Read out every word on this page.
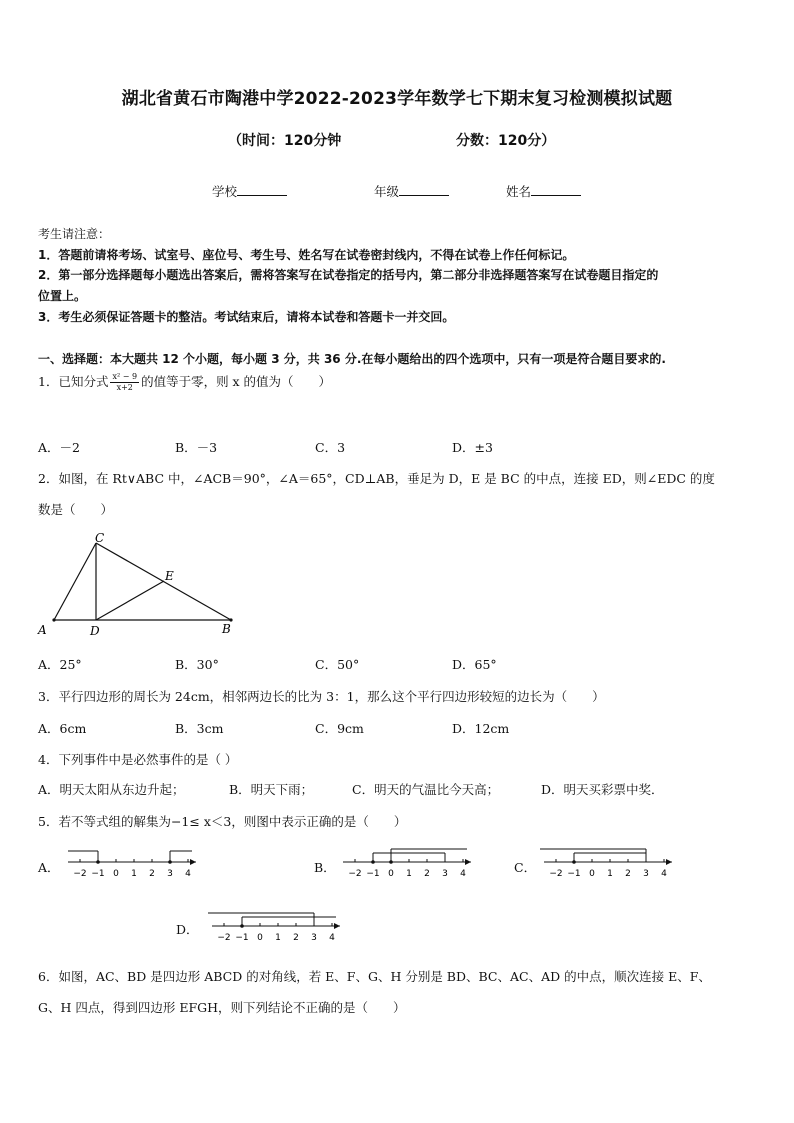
湖北省黄石市陶港中学2022-2023学年数学七下期末复习检测模拟试题
（时间：120分钟	分数：120分）
学校	年级	姓名
考生请注意：
1．答题前请将考场、试室号、座位号、考生号、姓名写在试卷密封线内，不得在试卷上作任何标记。
2．第一部分选择题每小题选出答案后，需将答案写在试卷指定的括号内，第二部分非选择题答案写在试卷题目指定的
位置上。
3．考生必须保证答题卡的整洁。考试结束后，请将本试卷和答题卡一并交回。
一、选择题：本大题共 12 个小题，每小题 3 分，共 36 分.在每小题给出的四个选项中，只有一项是符合题目要求的.
1．已知分式 $\frac{\text{x² − 9}}{x+2}$ 的值等于零，则 x 的值为（　　）
A．－2	B．－3	C．3	D．±3
2．如图，在 Rt∨ABC 中，∠ACB＝90°，∠A＝65°，CD⊥AB，垂足为 D，E 是 BC 的中点，连接 ED，则∠EDC 的度
数是（　　）
A	B
C
D
E
A．25°	B．30°	C．50°	D．65°
3．平行四边形的周长为 24cm，相邻两边长的比为 3：1，那么这个平行四边形较短的边长为（　　）
A．6cm	B．3cm	C．9cm	D．12cm
4．下列事件中是必然事件的是（ ）
A．明天太阳从东边升起；	B．明天下雨；	C．明天的气温比今天高；	D．明天买彩票中奖．
5．若不等式组的解集为−1≤ x＜3，则图中表示正确的是（　　）
A． −2 −1 0 1 2 3 4	B． −2 −1 0 1 2 3 4	C． −2 −1 0 1 2 3 4
D．
−2 −1 0 1 2 3 4
6．如图，AC、BD 是四边形 ABCD 的对角线，若 E、F、G、H 分别是 BD、BC、AC、AD 的中点，顺次连接 E、F、
G、H 四点，得到四边形 EFGH，则下列结论不正确的是（　　）
